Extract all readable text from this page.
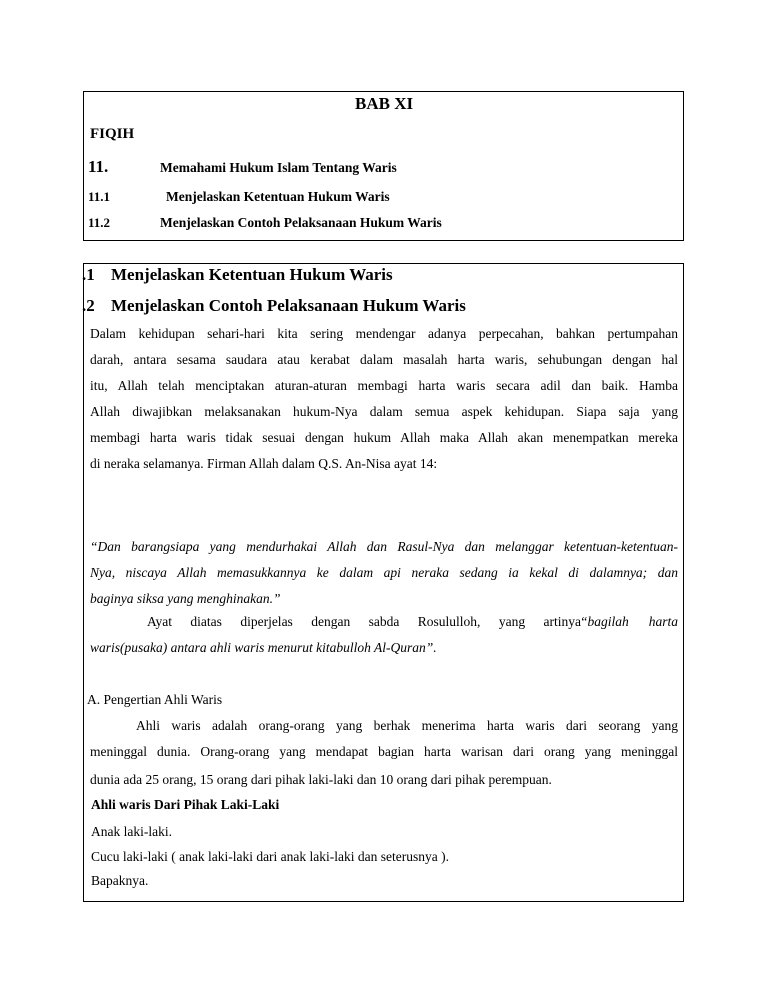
BAB XI
FIQIH
11.	Memahami Hukum Islam Tentang Waris
11.1	Menjelaskan Ketentuan Hukum Waris
11.2	Menjelaskan Contoh Pelaksanaan Hukum Waris
.1 Menjelaskan Ketentuan Hukum Waris
.2 Menjelaskan Contoh Pelaksanaan Hukum Waris
Dalam kehidupan sehari-hari kita sering mendengar adanya perpecahan, bahkan pertumpahan
darah, antara sesama saudara atau kerabat dalam masalah harta waris, sehubungan dengan hal
itu, Allah telah menciptakan aturan-aturan membagi harta waris secara adil dan baik. Hamba
Allah diwajibkan melaksanakan hukum-Nya dalam semua aspek kehidupan. Siapa saja yang
membagi harta waris tidak sesuai dengan hukum Allah maka Allah akan menempatkan mereka
di neraka selamanya. Firman Allah dalam Q.S. An-Nisa ayat 14:
“Dan barangsiapa yang mendurhakai Allah dan Rasul-Nya dan melanggar ketentuan-ketentuan-
Nya, niscaya Allah memasukkannya ke dalam api neraka sedang ia kekal di dalamnya; dan
baginya siksa yang menghinakan.”
Ayat diatas diperjelas dengan sabda Rosululloh, yang artinya “bagilah harta
waris(pusaka) antara ahli waris menurut kitabulloh Al-Quran”.
A. Pengertian Ahli Waris
Ahli waris adalah orang-orang yang berhak menerima harta waris dari seorang yang
meninggal dunia. Orang-orang yang mendapat bagian harta warisan dari orang yang meninggal
dunia ada 25 orang, 15 orang dari pihak laki-laki dan 10 orang dari pihak perempuan.
Ahli waris Dari Pihak Laki-Laki
Anak laki-laki.
Cucu laki-laki ( anak laki-laki dari anak laki-laki dan seterusnya ).
Bapaknya.
